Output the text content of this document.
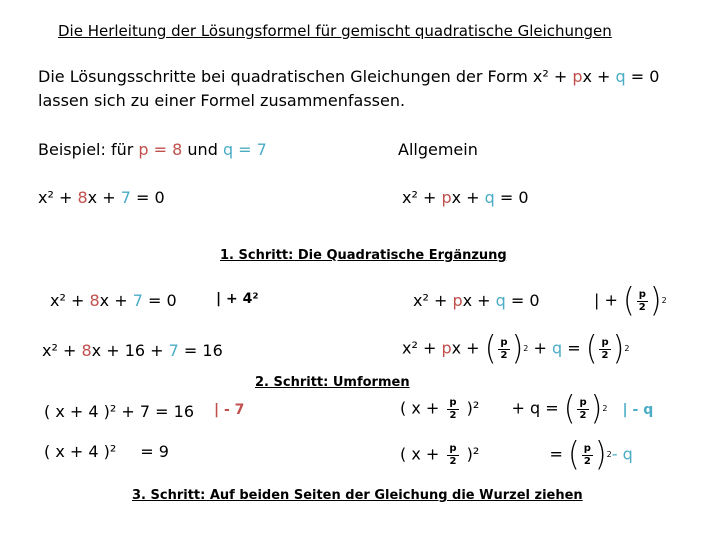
Die Herleitung der Lösungsformel für gemischt quadratische Gleichungen
Die Lösungsschritte bei quadratischen Gleichungen der Form x² + px + q = 0
lassen sich zu einer Formel zusammenfassen.
Beispiel: für p = 8 und q = 7	Allgemein
x² + 8x + 7 = 0	x² + px + q = 0
1. Schritt: Die Quadratische Ergänzung
x² + 8x + 7 = 0	| + 4²	x² + px + q = 0	| + ( $\frac{p}{2}$ ) 2
x² + 8x + 16 + 7 = 16	x² + px + ( $\frac{p}{2}$ ) 2 + q = ( $\frac{p}{2}$ ) 2
2. Schritt: Umformen
( x + 4 )² + 7 = 16 | - 7	( $x + \frac{p}{2} )^2 + q$ = ( $\frac{p}{2}$ ) 2 | - q
( x + 4 )² = 9	( $x + \frac{p}{2} )^2$	= ( $\frac{p}{2}$ ) 2 - q
3. Schritt: Auf beiden Seiten der Gleichung die Wurzel ziehen
